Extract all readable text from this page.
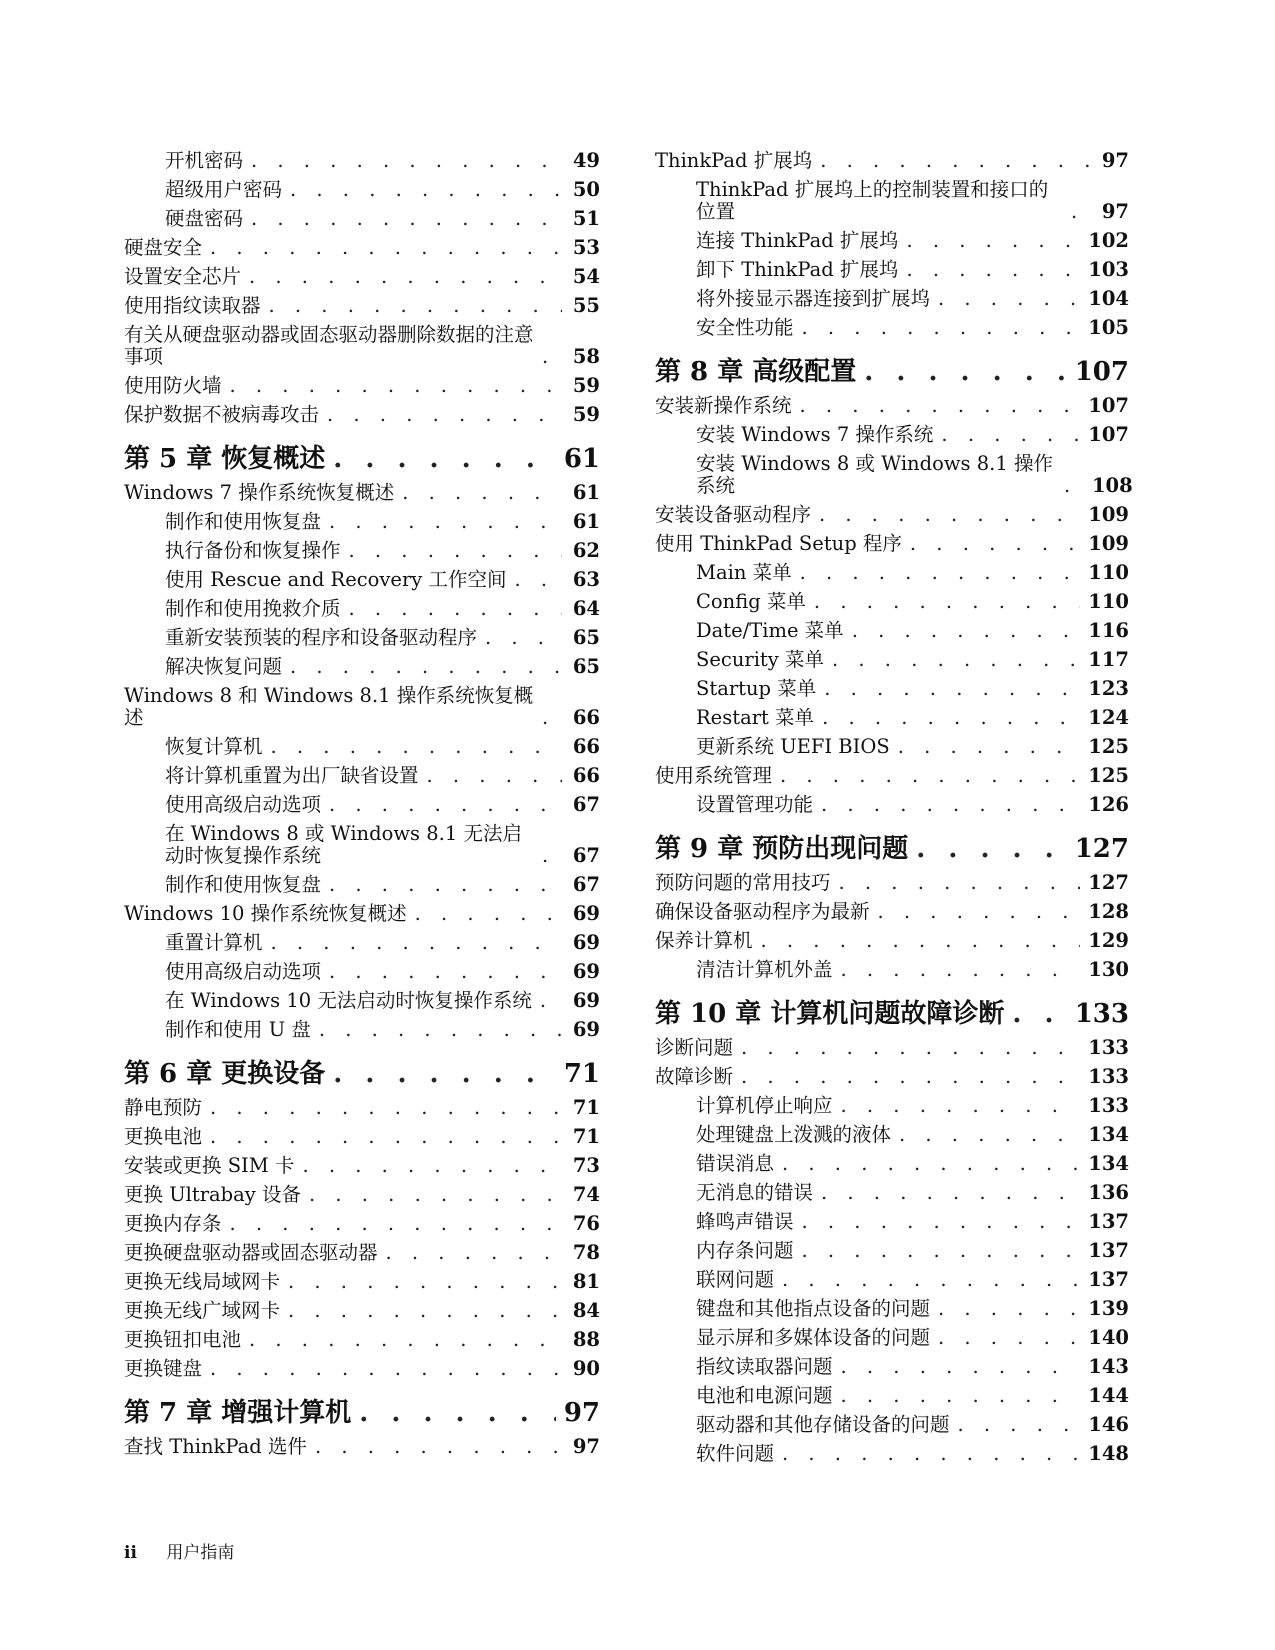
开机密码 . . .	49
超级用户密码 . . .	50
硬盘密码 . . .	51
硬盘安全 . . .	53
设置安全芯片 . . .	54
使用指纹读取器 . . .	55
有关从硬盘驱动器或固态驱动器删除数据的注意事项 . . .	58
使用防火墙 . . .	59
保护数据不被病毒攻击 . . .	59
第 5 章 恢复概述 . . .	61
Windows 7 操作系统恢复概述 . . .	61
制作和使用恢复盘 . . .	61
执行备份和恢复操作 . . .	62
使用 Rescue and Recovery 工作空间 . . .	63
制作和使用挽救介质 . . .	64
重新安装预装的程序和设备驱动程序 . . .	65
解决恢复问题 . . .	65
Windows 8 和 Windows 8.1 操作系统恢复概述 . . .	66
恢复计算机 . . .	66
将计算机重置为出厂缺省设置 . . .	66
使用高级启动选项 . . .	67
在 Windows 8 或 Windows 8.1 无法启动时恢复操作系统 . . .	67
制作和使用恢复盘 . . .	67
Windows 10 操作系统恢复概述 . . .	69
重置计算机 . . .	69
使用高级启动选项 . . .	69
在 Windows 10 无法启动时恢复操作系统 . . . 69
制作和使用 U 盘 . . .	69
第 6 章 更换设备 . . .	71
静电预防 . . .	71
更换电池 . . .	71
安装或更换 SIM 卡 . . .	73
更换 Ultrabay 设备 . . .	74
更换内存条 . . .	76
更换硬盘驱动器或固态驱动器 . . .	78
更换无线局域网卡 . . .	81
更换无线广域网卡 . . .	84
更换钮扣电池 . . .	88
更换键盘 . . .	90
第 7 章 增强计算机 . . .	97
查找 ThinkPad 选件 . . .	97
ThinkPad 扩展坞 . . .	97
ThinkPad 扩展坞上的控制装置和接口的位置 . . .	97
连接 ThinkPad 扩展坞 . . .	102
卸下 ThinkPad 扩展坞 . . .	103
将外接显示器连接到扩展坞 . . .	104
安全性功能 . . .	105
第 8 章 高级配置 . . .	107
安装新操作系统 . . .	107
安装 Windows 7 操作系统 . . .	107
安装 Windows 8 或 Windows 8.1 操作系统 . . .	108
安装设备驱动程序 . . .	109
使用 ThinkPad Setup 程序 . . .	109
Main 菜单 . . .	110
Config 菜单 . . .	110
Date/Time 菜单 . . .	116
Security 菜单 . . .	117
Startup 菜单 . . .	123
Restart 菜单 . . .	124
更新系统 UEFI BIOS . . .	125
使用系统管理 . . .	125
设置管理功能 . . .	126
第 9 章 预防出现问题 . . .	127
预防问题的常用技巧 . . .	127
确保设备驱动程序为最新 . . .	128
保养计算机 . . .	129
清洁计算机外盖 . . .	130
第 10 章 计算机问题故障诊断 . . .	133
诊断问题 . . .	133
故障诊断 . . .	133
计算机停止响应 . . .	133
处理键盘上泼溅的液体 . . .	134
错误消息 . . .	134
无消息的错误 . . .	136
蜂鸣声错误 . . .	137
内存条问题 . . .	137
联网问题 . . .	137
键盘和其他指点设备的问题 . . .	139
显示屏和多媒体设备的问题 . . .	140
指纹读取器问题 . . .	143
电池和电源问题 . . .	144
驱动器和其他存储设备的问题 . . .	146
软件问题 . . .	148
ii 用户指南
